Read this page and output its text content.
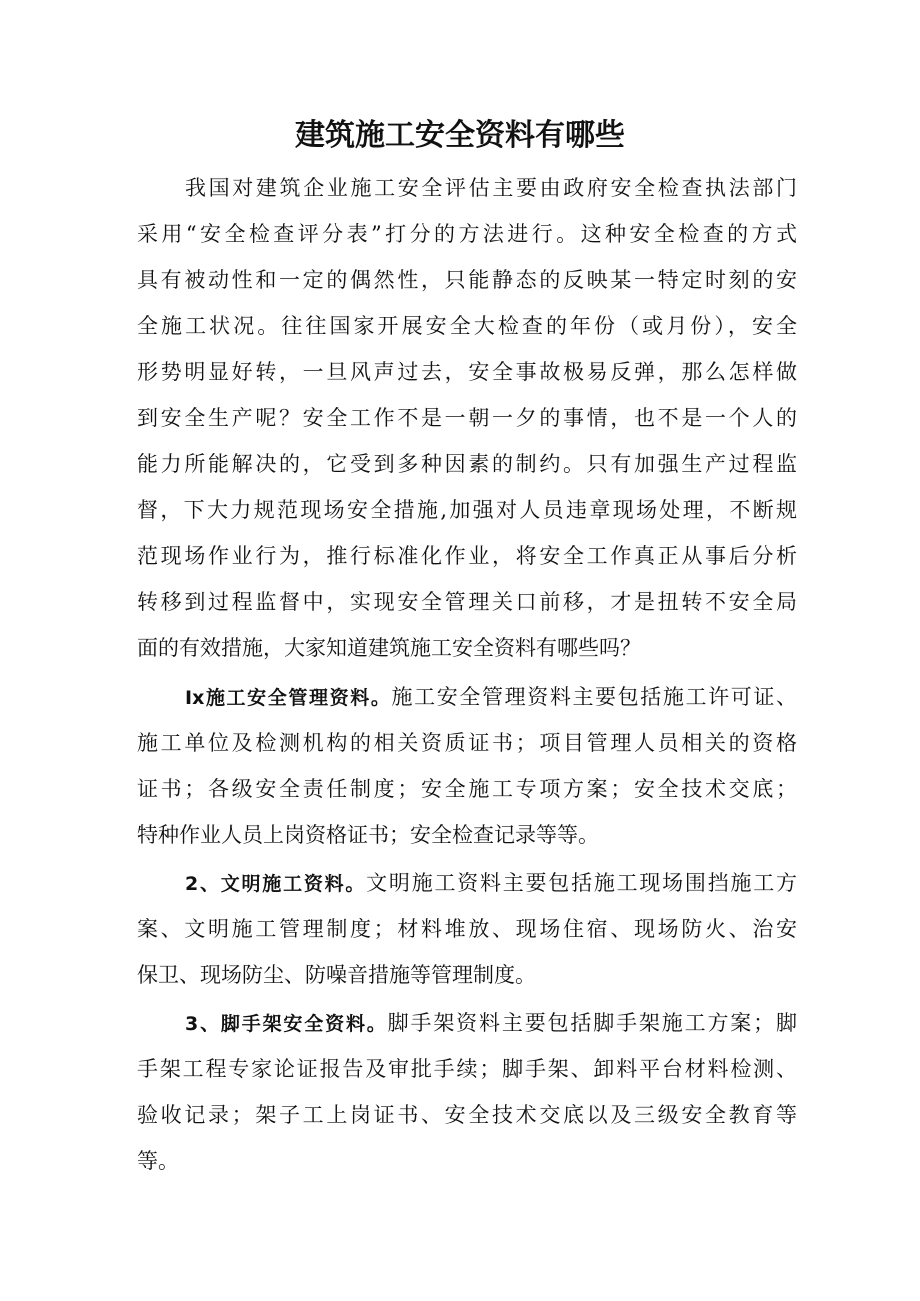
建筑施工安全资料有哪些
我国对建筑企业施工安全评估主要由政府安全检查执法部门
采用“安全检查评分表”打分的方法进行。这种安全检查的方式
具有被动性和一定的偶然性，只能静态的反映某一特定时刻的安
全施工状况。往往国家开展安全大检查的年份（或月份），安全
形势明显好转，一旦风声过去，安全事故极易反弹，那么怎样做
到安全生产呢？安全工作不是一朝一夕的事情，也不是一个人的
能力所能解决的，它受到多种因素的制约。只有加强生产过程监
督，下大力规范现场安全措施,加强对人员违章现场处理，不断规
范现场作业行为，推行标准化作业，将安全工作真正从事后分析
转移到过程监督中，实现安全管理关口前移，才是扭转不安全局
面的有效措施，大家知道建筑施工安全资料有哪些吗？
Ix施工安全管理资料。施工安全管理资料主要包括施工许可证、
施工单位及检测机构的相关资质证书；项目管理人员相关的资格
证书；各级安全责任制度；安全施工专项方案；安全技术交底；
特种作业人员上岗资格证书；安全检查记录等等。
2、文明施工资料。文明施工资料主要包括施工现场围挡施工方
案、文明施工管理制度；材料堆放、现场住宿、现场防火、治安
保卫、现场防尘、防噪音措施等管理制度。
3、脚手架安全资料。脚手架资料主要包括脚手架施工方案；脚
手架工程专家论证报告及审批手续；脚手架、卸料平台材料检测、
验收记录；架子工上岗证书、安全技术交底以及三级安全教育等
等。
